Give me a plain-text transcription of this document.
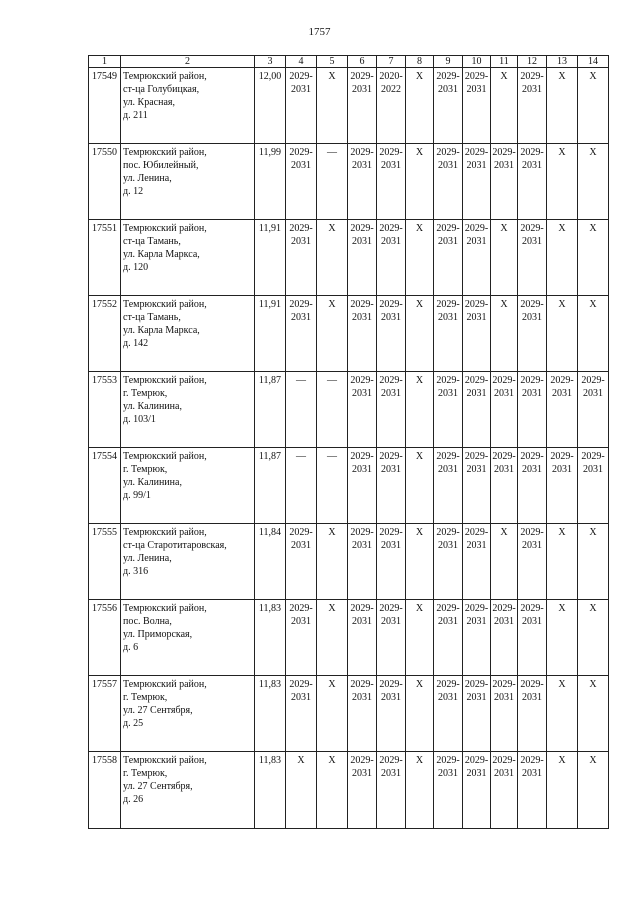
1757
1	2	3	4	5	6	7	8	9	10	11	12	13	14
17549	Темрюкский район,
ст-ца Голубицкая,
ул. Красная,
д. 211	12,00	2029-
2031	X	2029-
2031	2020-
2022	X	2029-
2031	2029-
2031	X	2029-
2031	X	X

17550	Темрюкский район,
пос. Юбилейный,
ул. Ленина,
д. 12	11,99	2029-
2031	—	2029-
2031	2029-
2031	X	2029-
2031	2029-
2031	2029-
2031	2029-
2031	X	X

17551	Темрюкский район,
ст-ца Тамань,
ул. Карла Маркса,
д. 120	11,91	2029-
2031	X	2029-
2031	2029-
2031	X	2029-
2031	2029-
2031	X	2029-
2031	X	X

17552	Темрюкский район,
ст-ца Тамань,
ул. Карла Маркса,
д. 142	11,91	2029-
2031	X	2029-
2031	2029-
2031	X	2029-
2031	2029-
2031	X	2029-
2031	X	X

17553	Темрюкский район,
г. Темрюк,
ул. Калинина,
д. 103/1	11,87	—	—	2029-
2031	2029-
2031	X	2029-
2031	2029-
2031	2029-
2031	2029-
2031	2029-
2031	2029-
2031

17554	Темрюкский район,
г. Темрюк,
ул. Калинина,
д. 99/1	11,87	—	—	2029-
2031	2029-
2031	X	2029-
2031	2029-
2031	2029-
2031	2029-
2031	2029-
2031	2029-
2031

17555	Темрюкский район,
ст-ца Старотитаровская,
ул. Ленина,
д. 316	11,84	2029-
2031	X	2029-
2031	2029-
2031	X	2029-
2031	2029-
2031	X	2029-
2031	X	X

17556	Темрюкский район,
пос. Волна,
ул. Приморская,
д. 6	11,83	2029-
2031	X	2029-
2031	2029-
2031	X	2029-
2031	2029-
2031	2029-
2031	2029-
2031	X	X

17557	Темрюкский район,
г. Темрюк,
ул. 27 Сентября,
д. 25	11,83	2029-
2031	X	2029-
2031	2029-
2031	X	2029-
2031	2029-
2031	2029-
2031	2029-
2031	X	X

17558	Темрюкский район,
г. Темрюк,
ул. 27 Сентября,
д. 26	11,83	X	X	2029-
2031	2029-
2031	X	2029-
2031	2029-
2031	2029-
2031	2029-
2031	X	X
